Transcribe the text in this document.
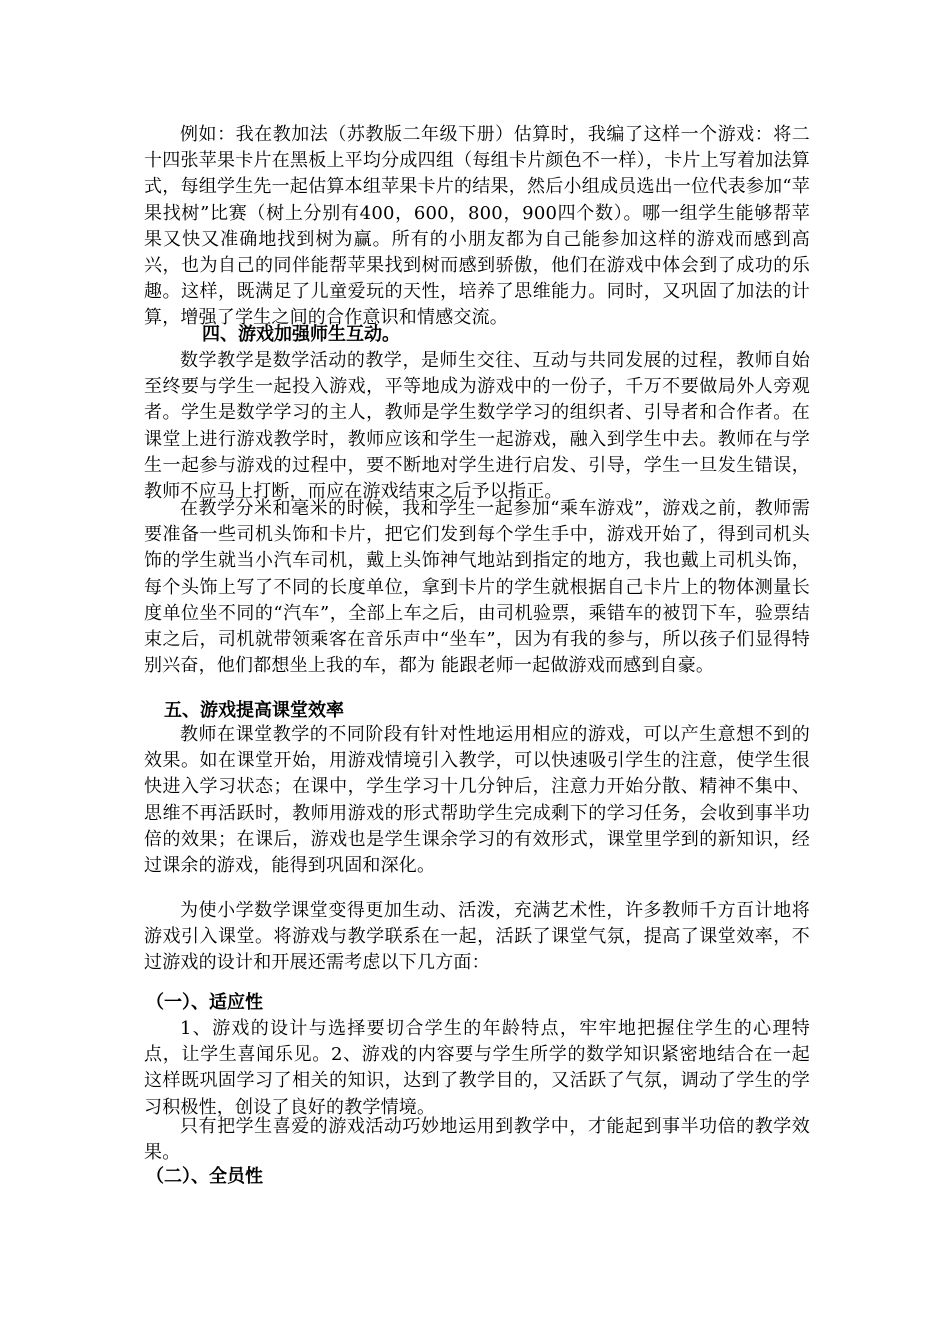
例如：我在教加法（苏教版二年级下册）估算时，我编了这样一个游戏：将二十四张苹果卡片在黑板上平均分成四组（每组卡片颜色不一样），卡片上写着加法算式，每组学生先一起估算本组苹果卡片的结果，然后小组成员选出一位代表参加“苹果找树”比赛（树上分别有400，600，800，900四个数）。哪一组学生能够帮苹果又快又准确地找到树为赢。所有的小朋友都为自己能参加这样的游戏而感到高兴，也为自己的同伴能帮苹果找到树而感到骄傲，他们在游戏中体会到了成功的乐趣。这样，既满足了儿童爱玩的天性，培养了思维能力。同时，又巩固了加法的计算，增强了学生之间的合作意识和情感交流。

四、游戏加强师生互动。

数学教学是数学活动的教学，是师生交往、互动与共同发展的过程，教师自始至终要与学生一起投入游戏，平等地成为游戏中的一份子，千万不要做局外人旁观者。学生是数学学习的主人，教师是学生数学学习的组织者、引导者和合作者。在课堂上进行游戏教学时，教师应该和学生一起游戏，融入到学生中去。教师在与学生一起参与游戏的过程中，要不断地对学生进行启发、引导，学生一旦发生错误，教师不应马上打断，而应在游戏结束之后予以指正。

在教学分米和毫米的时候，我和学生一起参加“乘车游戏”，游戏之前，教师需要准备一些司机头饰和卡片，把它们发到每个学生手中，游戏开始了，得到司机头饰的学生就当小汽车司机，戴上头饰神气地站到指定的地方，我也戴上司机头饰，每个头饰上写了不同的长度单位，拿到卡片的学生就根据自己卡片上的物体测量长度单位坐不同的“汽车”，全部上车之后，由司机验票，乘错车的被罚下车，验票结束之后，司机就带领乘客在音乐声中“坐车”，因为有我的参与，所以孩子们显得特别兴奋，他们都想坐上我的车，都为 能跟老师一起做游戏而感到自豪。

五、游戏提高课堂效率

教师在课堂教学的不同阶段有针对性地运用相应的游戏，可以产生意想不到的效果。如在课堂开始，用游戏情境引入教学，可以快速吸引学生的注意，使学生很快进入学习状态；在课中，学生学习十几分钟后，注意力开始分散、精神不集中、思维不再活跃时，教师用游戏的形式帮助学生完成剩下的学习任务，会收到事半功倍的效果；在课后，游戏也是学生课余学习的有效形式，课堂里学到的新知识，经过课余的游戏，能得到巩固和深化。

为使小学数学课堂变得更加生动、活泼，充满艺术性，许多教师千方百计地将游戏引入课堂。将游戏与教学联系在一起，活跃了课堂气氛，提高了课堂效率，不过游戏的设计和开展还需考虑以下几方面：

（一）、适应性

1、游戏的设计与选择要切合学生的年龄特点，牢牢地把握住学生的心理特点，让学生喜闻乐见。2、游戏的内容要与学生所学的数学知识紧密地结合在一起这样既巩固学习了相关的知识，达到了教学目的，又活跃了气氛，调动了学生的学习积极性，创设了良好的教学情境。

只有把学生喜爱的游戏活动巧妙地运用到教学中，才能起到事半功倍的教学效果。

（二）、全员性
